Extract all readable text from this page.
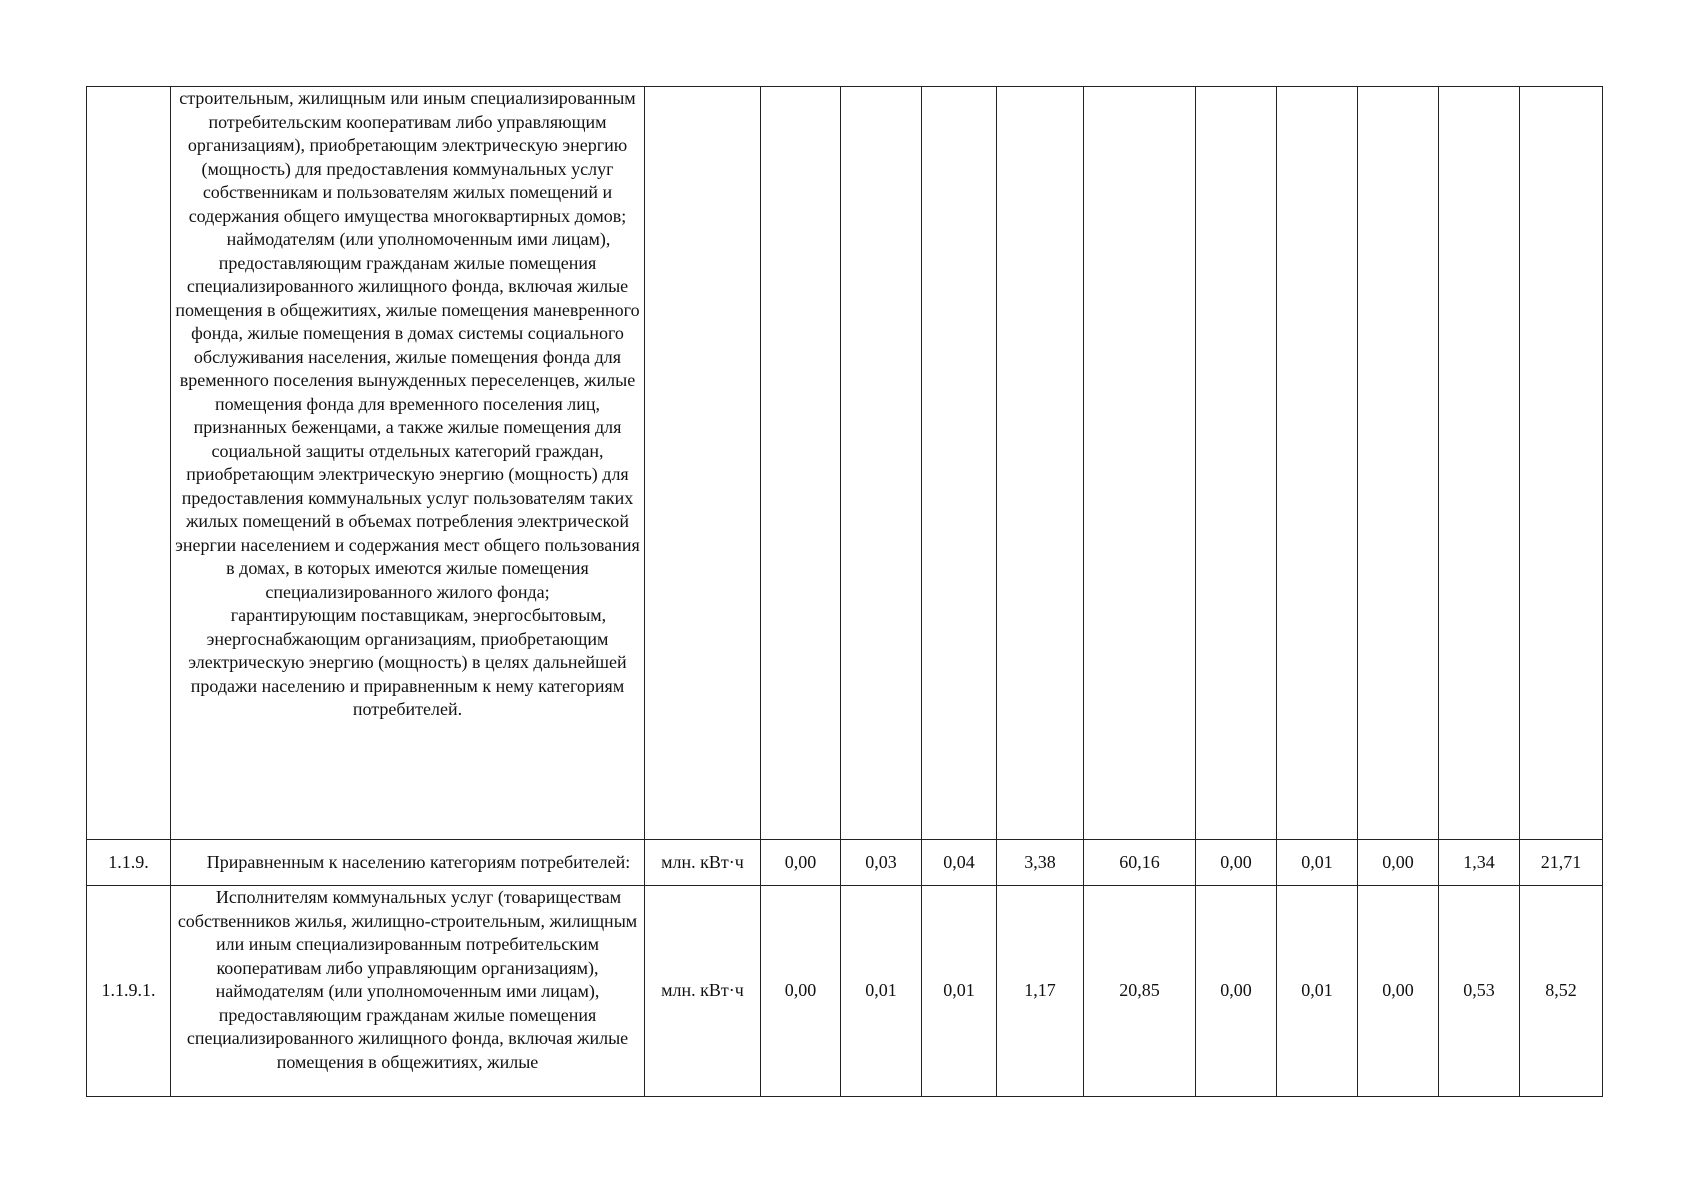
	строительным, жилищным или иным специализированным потребительским кооперативам либо управляющим организациям), приобретающим электрическую энергию (мощность) для предоставления коммунальных услуг собственникам и пользователям жилых помещений и содержания общего имущества многоквартирных домов;
наймодателям (или уполномоченным ими лицам), предоставляющим гражданам жилые помещения специализированного жилищного фонда, включая жилые помещения в общежитиях, жилые помещения маневренного фонда, жилые помещения в домах системы социального обслуживания населения, жилые помещения фонда для временного поселения вынужденных переселенцев, жилые помещения фонда для временного поселения лиц, признанных беженцами, а также жилые помещения для социальной защиты отдельных категорий граждан, приобретающим электрическую энергию (мощность) для предоставления коммунальных услуг пользователям таких жилых помещений в объемах потребления электрической энергии населением и содержания мест общего пользования в домах, в которых имеются жилые помещения специализированного жилого фонда;
гарантирующим поставщикам, энергосбытовым, энергоснабжающим организациям, приобретающим электрическую энергию (мощность) в целях дальнейшей продажи населению и приравненным к нему категориям потребителей.											

1.1.9.	Приравненным к населению категориям потребителей:	млн. кВт·ч	0,00	0,03	0,04	3,38	60,16	0,00	0,01	0,00	1,34	21,71
1.1.9.1.	Исполнителям коммунальных услуг (товариществам собственников жилья, жилищно-строительным, жилищным или иным специализированным потребительским кооперативам либо управляющим организациям), наймодателям (или уполномоченным ими лицам), предоставляющим гражданам жилые помещения специализированного жилищного фонда, включая жилые помещения в общежитиях, жилые	млн. кВт·ч	0,00	0,01	0,01	1,17	20,85	0,00	0,01	0,00	0,53	8,52
